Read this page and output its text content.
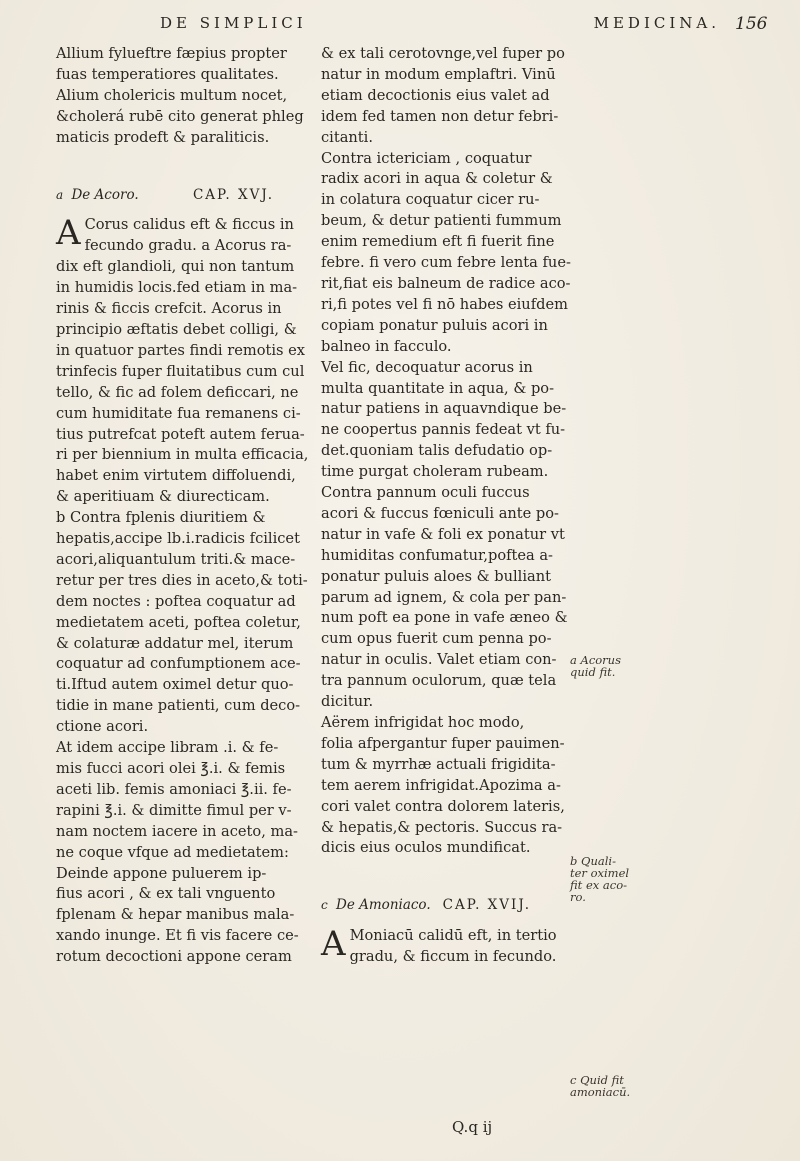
DE SIMPLICI	MEDICINA. 156

Allium fylueftre fæpius propter

fuas temperatiores qualitates.

Alium cholericis multum nocet,

&cholerá rubē cito generat phleg

maticis prodeft & paraliticis.

a De Acoro.	CAP. XVJ.
A Corus calidus eft & ficcus in

fecundo gradu. a Acorus ra-

dix eft glandioli, qui non tantum

in humidis locis.fed etiam in ma-

rinis & ficcis crefcit. Acorus in

principio æftatis debet colligi, &

in quatuor partes findi remotis ex

trinfecis fuper fluitatibus cum cul

tello, & fic ad folem deficcari, ne

cum humiditate fua remanens ci-

tius putrefcat poteft autem ferua-

ri per biennium in multa efficacia,

habet enim virtutem diffoluendi,

& aperitiuam & diurecticam.

b Contra fplenis diuritiem &

hepatis,accipe lb.i.radicis fcilicet

acori,aliquantulum triti.& mace-

retur per tres dies in aceto,& toti-

dem noctes : poftea coquatur ad

medietatem aceti, poftea coletur,

& colaturæ addatur mel, iterum

coquatur ad confumptionem ace-

ti.Iftud autem oximel detur quo-

tidie in mane patienti, cum deco-

ctione acori.

At idem accipe libram .i. & fe-

mis fucci acori olei ℥.i. & femis

aceti lib. femis amoniaci ℥.ii. fe-

rapini ℥.i. & dimitte fimul per v-

nam noctem iacere in aceto, ma-

ne coque vfque ad medietatem:

Deinde appone puluerem ip-

fius acori , & ex tali vnguento

fplenam & hepar manibus mala-

xando inunge. Et fi vis facere ce-

rotum decoctioni appone ceram

& ex tali cerotovnge,vel fuper po

natur in modum emplaftri. Vinū

etiam decoctionis eius valet ad

idem fed tamen non detur febri-

citanti.

Contra ictericiam , coquatur

radix acori in aqua & coletur &

in colatura coquatur cicer ru-

beum, & detur patienti fummum

enim remedium eft fi fuerit fine

febre. fi vero cum febre lenta fue-

rit,fiat eis balneum de radice aco-

ri,fi potes vel fi nō habes eiufdem

copiam ponatur puluis acori in

balneo in facculo.

Vel fic, decoquatur acorus in

multa quantitate in aqua, & po-

natur patiens in aquavndique be-

ne coopertus pannis fedeat vt fu-

det.quoniam talis defudatio op-

time purgat choleram rubeam.

Contra pannum oculi fuccus

acori & fuccus fœniculi ante po-

natur in vafe & foli ex ponatur vt

humiditas confumatur,poftea a-

ponatur puluis aloes & bulliant

parum ad ignem, & cola per pan-

num poft ea pone in vafe æneo &

cum opus fuerit cum penna po-

natur in oculis. Valet etiam con-

tra pannum oculorum, quæ tela

dicitur.

Aërem infrigidat hoc modo,

folia afpergantur fuper pauimen-

tum & myrrhæ actuali frigidita-

tem aerem infrigidat.Apozima a-

cori valet contra dolorem lateris,

& hepatis,& pectoris. Succus ra-

dicis eius oculos mundificat.

c De Amoniaco. CAP. XVIJ.
A Moniacū calidū eft, in tertio

gradu, & ficcum in fecundo.

a Acorus quid fit.
b Quali-ter oximel fit ex aco-ro.
c Quid fit amoniacū.
Q.q ij
